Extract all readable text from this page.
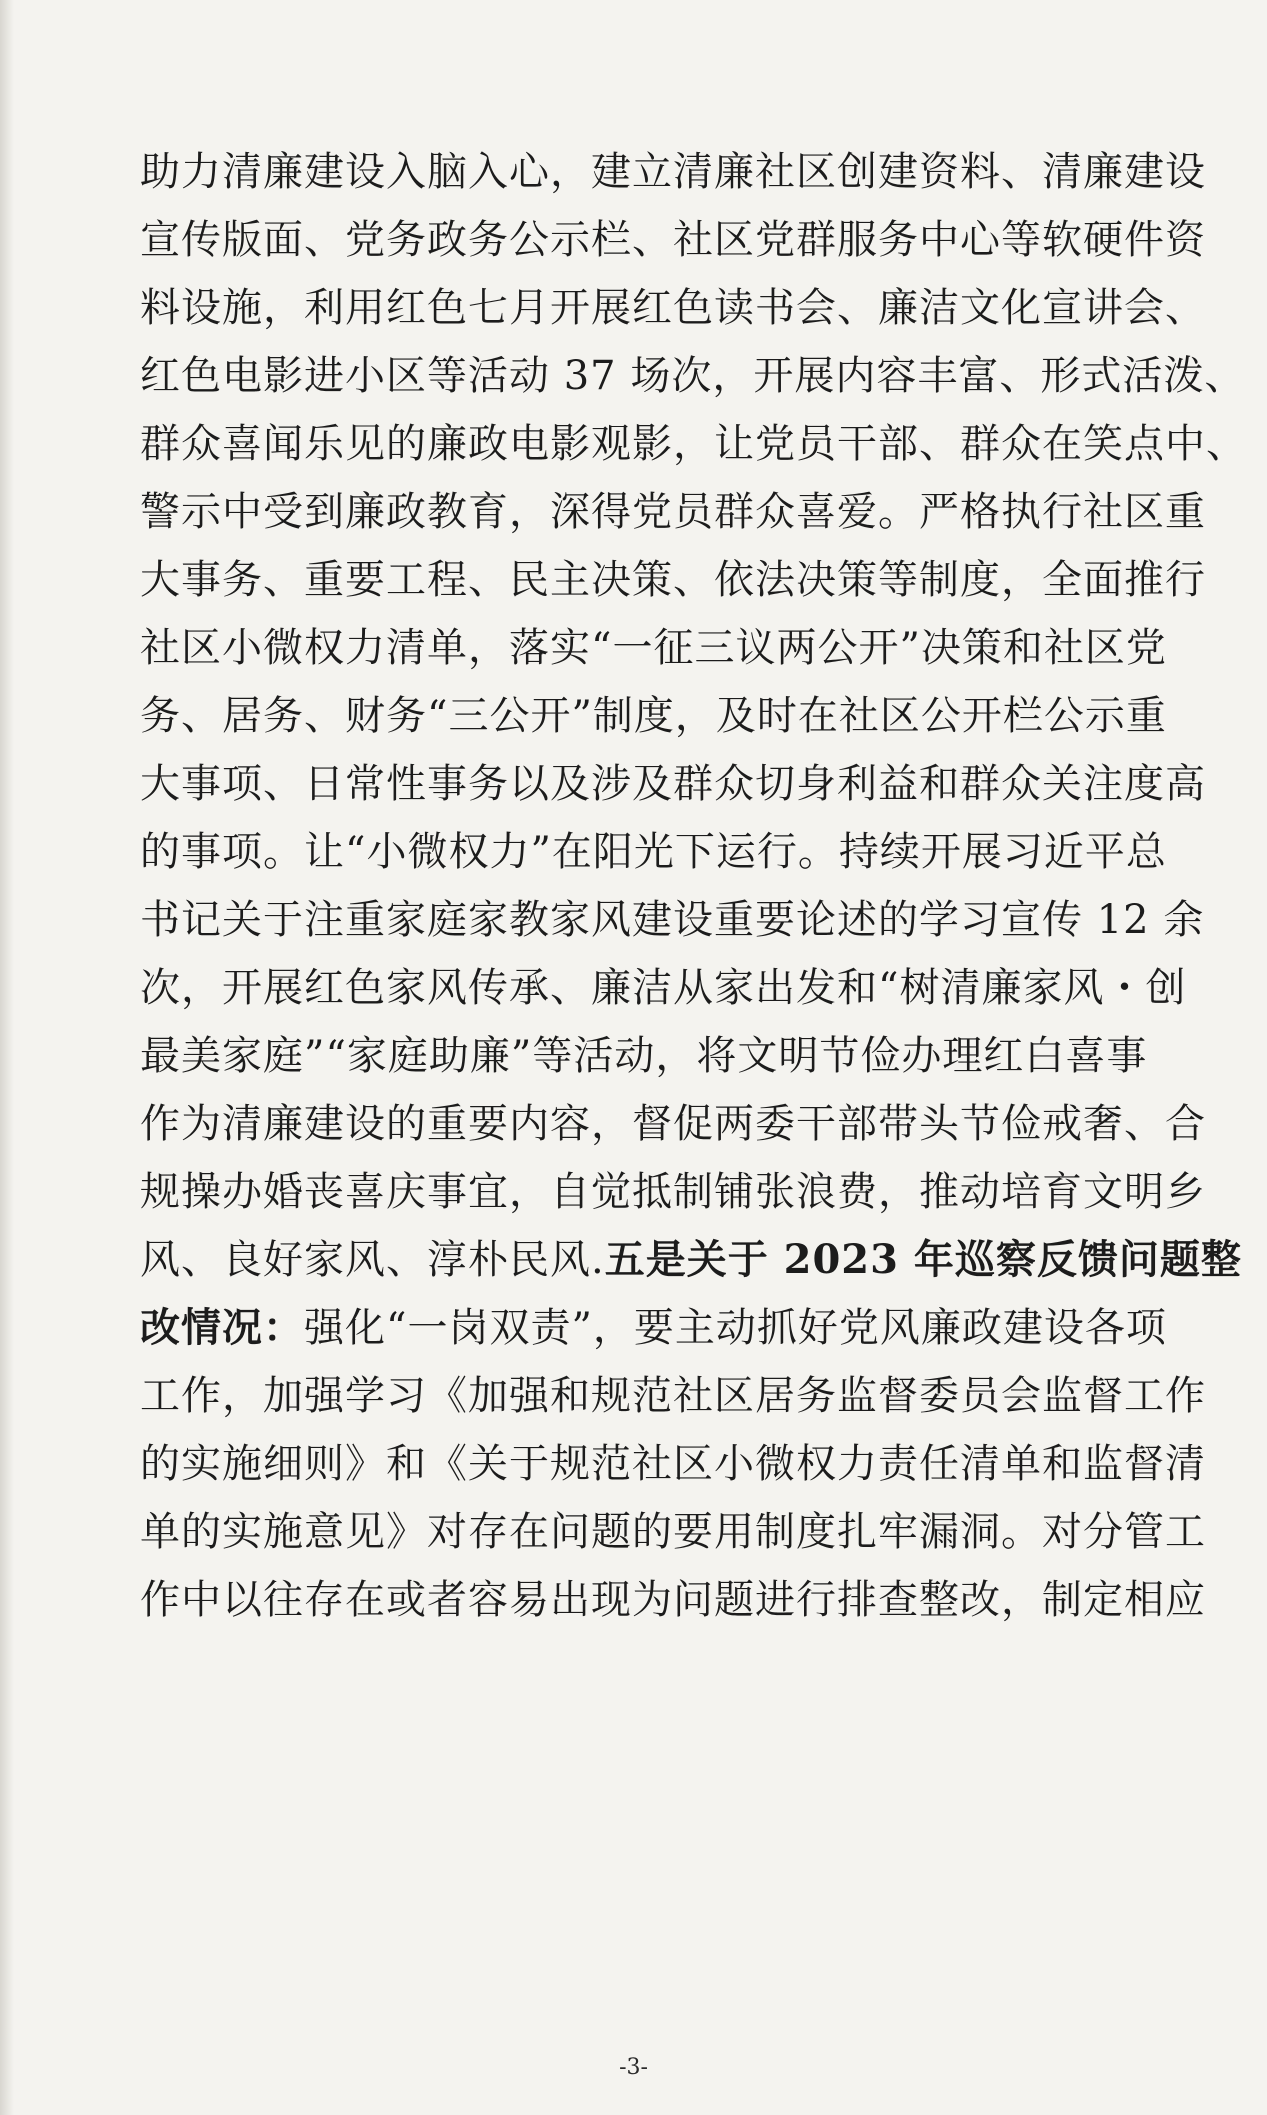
助力清廉建设入脑入心，建立清廉社区创建资料、清廉建设
宣传版面、党务政务公示栏、社区党群服务中心等软硬件资
料设施，利用红色七月开展红色读书会、廉洁文化宣讲会、
红色电影进小区等活动 37 场次，开展内容丰富、形式活泼、
群众喜闻乐见的廉政电影观影，让党员干部、群众在笑点中、
警示中受到廉政教育，深得党员群众喜爱。严格执行社区重
大事务、重要工程、民主决策、依法决策等制度，全面推行
社区小微权力清单，落实“一征三议两公开”决策和社区党
务、居务、财务“三公开”制度，及时在社区公开栏公示重
大事项、日常性事务以及涉及群众切身利益和群众关注度高
的事项。让“小微权力”在阳光下运行。持续开展习近平总
书记关于注重家庭家教家风建设重要论述的学习宣传 12 余
次，开展红色家风传承、廉洁从家出发和“树清廉家风・创
最美家庭”“家庭助廉”等活动，将文明节俭办理红白喜事
作为清廉建设的重要内容，督促两委干部带头节俭戒奢、合
规操办婚丧喜庆事宜，自觉抵制铺张浪费，推动培育文明乡
风、良好家风、淳朴民风.五是关于 2023 年巡察反馈问题整
改情况：强化“一岗双责”，要主动抓好党风廉政建设各项
工作，加强学习《加强和规范社区居务监督委员会监督工作
的实施细则》和《关于规范社区小微权力责任清单和监督清
单的实施意见》对存在问题的要用制度扎牢漏洞。对分管工
作中以往存在或者容易出现为问题进行排查整改，制定相应
-3-
